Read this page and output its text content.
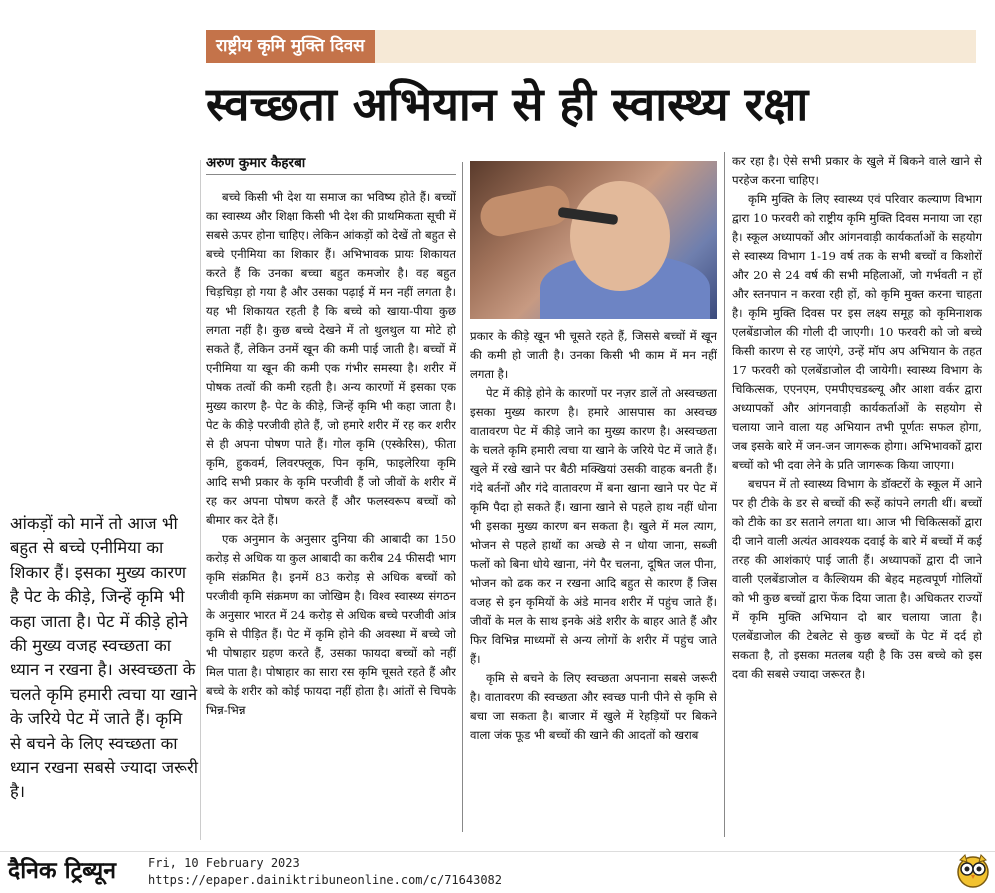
राष्ट्रीय कृमि मुक्ति दिवस
स्वच्छता अभियान से ही स्वास्थ्य रक्षा
अरुण कुमार कैहरबा

बच्चे किसी भी देश या समाज का भविष्य होते हैं। बच्चों का स्वास्थ्य और शिक्षा किसी भी देश की प्राथमिकता सूची में सबसे ऊपर होना चाहिए। लेकिन आंकड़ों को देखें तो बहुत से बच्चे एनीमिया का शिकार हैं। अभिभावक प्रायः शिकायत करते हैं कि उनका बच्चा बहुत कमजोर है। वह बहुत चिड़चिड़ा हो गया है और उसका पढ़ाई में मन नहीं लगता है। यह भी शिकायत रहती है कि बच्चे को खाया-पीया कुछ लगता नहीं है। कुछ बच्चे देखने में तो थुलथुल या मोटे हो सकते हैं, लेकिन उनमें खून की कमी पाई जाती है। बच्चों में एनीमिया या खून की कमी एक गंभीर समस्या है। शरीर में पोषक तत्वों की कमी रहती है। अन्य कारणों में इसका एक मुख्य कारण है- पेट के कीड़े, जिन्हें कृमि भी कहा जाता है। पेट के कीड़े परजीवी होते हैं, जो हमारे शरीर में रह कर शरीर से ही अपना पोषण पाते हैं। गोल कृमि (एस्केरिस), फीता कृमि, हुकवर्म, लिवरफ्लूक, पिन कृमि, फाइलेरिया कृमि आदि सभी प्रकार के कृमि परजीवी हैं जो जीवों के शरीर में रह कर अपना पोषण करते हैं और फलस्वरूप बच्चों को बीमार कर देते हैं।

एक अनुमान के अनुसार दुनिया की आबादी का 150 करोड़ से अधिक या कुल आबादी का करीब 24 फीसदी भाग कृमि संक्रमित है। इनमें 83 करोड़ से अधिक बच्चों को परजीवी कृमि संक्रमण का जोखिम है। विश्व स्वास्थ्य संगठन के अनुसार भारत में 24 करोड़ से अधिक बच्चे परजीवी आंत्र कृमि से पीड़ित हैं। पेट में कृमि होने की अवस्था में बच्चे जो भी पोषाहार ग्रहण करते हैं, उसका फायदा बच्चों को नहीं मिल पाता है। पोषाहार का सारा रस कृमि चूसते रहते हैं और बच्चे के शरीर को कोई फायदा नहीं होता है। आंतों से चिपके भिन्न-भिन्न

प्रकार के कीड़े खून भी चूसते रहते हैं, जिससे बच्चों में खून की कमी हो जाती है। उनका किसी भी काम में मन नहीं लगता है।

पेट में कीड़े होने के कारणों पर नज़र डालें तो अस्वच्छता इसका मुख्य कारण है। हमारे आसपास का अस्वच्छ वातावरण पेट में कीड़े जाने का मुख्य कारण है। अस्वच्छता के चलते कृमि हमारी त्वचा या खाने के जरिये पेट में जाते हैं। खुले में रखे खाने पर बैठी मक्खियां उसकी वाहक बनती हैं। गंदे बर्तनों और गंदे वातावरण में बना खाना खाने पर पेट में कृमि पैदा हो सकते हैं। खाना खाने से पहले हाथ नहीं धोना भी इसका मुख्य कारण बन सकता है। खुले में मल त्याग, भोजन से पहले हाथों का अच्छे से न धोया जाना, सब्जी फलों को बिना धोये खाना, नंगे पैर चलना, दूषित जल पीना, भोजन को ढक कर न रखना आदि बहुत से कारण हैं जिस वजह से इन कृमियों के अंडे मानव शरीर में पहुंच जाते हैं। जीवों के मल के साथ इनके अंडे शरीर के बाहर आते हैं और फिर विभिन्न माध्यमों से अन्य लोगों के शरीर में पहुंच जाते हैं।

कृमि से बचने के लिए स्वच्छता अपनाना सबसे जरूरी है। वातावरण की स्वच्छता और स्वच्छ पानी पीने से कृमि से बचा जा सकता है। बाजार में खुले में रेहड़ियों पर बिकने वाला जंक फूड भी बच्चों की खाने की आदतों को खराब

कर रहा है। ऐसे सभी प्रकार के खुले में बिकने वाले खाने से परहेज करना चाहिए।

कृमि मुक्ति के लिए स्वास्थ्य एवं परिवार कल्याण विभाग द्वारा 10 फरवरी को राष्ट्रीय कृमि मुक्ति दिवस मनाया जा रहा है। स्कूल अध्यापकों और आंगनवाड़ी कार्यकर्ताओं के सहयोग से स्वास्थ्य विभाग 1-19 वर्ष तक के सभी बच्चों व किशोरों और 20 से 24 वर्ष की सभी महिलाओं, जो गर्भवती न हों और स्तनपान न करवा रही हों, को कृमि मुक्त करना चाहता है। कृमि मुक्ति दिवस पर इस लक्ष्य समूह को कृमिनाशक एलबेंडाजोल की गोली दी जाएगी। 10 फरवरी को जो बच्चे किसी कारण से रह जाएंगे, उन्हें मॉप अप अभियान के तहत 17 फरवरी को एलबेंडाजोल दी जायेगी। स्वास्थ्य विभाग के चिकित्सक, एएनएम, एमपीएचडब्ल्यू और आशा वर्कर द्वारा अध्यापकों और आंगनवाड़ी कार्यकर्ताओं के सहयोग से चलाया जाने वाला यह अभियान तभी पूर्णतः सफल होगा, जब इसके बारे में जन-जन जागरूक होगा। अभिभावकों द्वारा बच्चों को भी दवा लेने के प्रति जागरूक किया जाएगा।

बचपन में तो स्वास्थ्य विभाग के डॉक्टरों के स्कूल में आने पर ही टीके के डर से बच्चों की रूहें कांपने लगती थीं। बच्चों को टीके का डर सताने लगता था। आज भी चिकित्सकों द्वारा दी जाने वाली अत्यंत आवश्यक दवाई के बारे में बच्चों में कई तरह की आशंकाएं पाई जाती हैं। अध्यापकों द्वारा दी जाने वाली एलबेंडाजोल व कैल्शियम की बेहद महत्वपूर्ण गोलियों को भी कुछ बच्चों द्वारा फेंक दिया जाता है। अधिकतर राज्यों में कृमि मुक्ति अभियान दो बार चलाया जाता है। एलबेंडाजोल की टेबलेट से कुछ बच्चों के पेट में दर्द हो सकता है, तो इसका मतलब यही है कि उस बच्चे को इस दवा की सबसे ज्यादा जरूरत है।

आंकड़ों को मानें तो आज भी बहुत से बच्चे एनीमिया का शिकार हैं। इसका मुख्य कारण है पेट के कीड़े, जिन्हें कृमि भी कहा जाता है। पेट में कीड़े होने की मुख्य वजह स्वच्छता का ध्यान न रखना है। अस्वच्छता के चलते कृमि हमारी त्वचा या खाने के जरिये पेट में जाते हैं। कृमि से बचने के लिए स्वच्छता का ध्यान रखना सबसे ज्यादा जरूरी है।
दैनिक ट्रिब्यून	Fri, 10 February 2023
https://epaper.dainiktribuneonline.com/c/71643082
